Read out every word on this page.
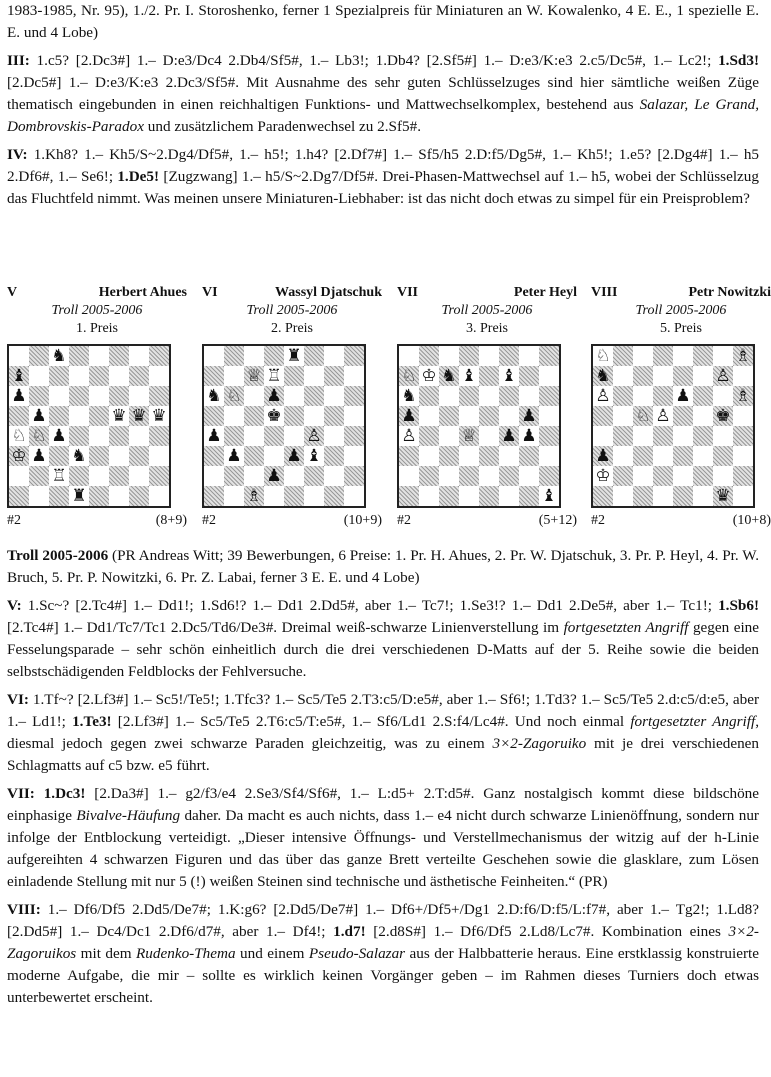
1983-1985, Nr. 95), 1./2. Pr. I. Storoshenko, ferner 1 Spezialpreis für Miniaturen an W. Kowalenko, 4 E. E., 1 spezielle E. E. und 4 Lobe)

III: 1.c5? [2.Dc3#] 1.– D:e3/Dc4 2.Db4/Sf5#, 1.– Lb3!; 1.Db4? [2.Sf5#] 1.– D:e3/K:e3 2.c5/Dc5#, 1.– Lc2!; 1.Sd3! [2.Dc5#] 1.– D:e3/K:e3 2.Dc3/Sf5#. Mit Ausnahme des sehr guten Schlüsselzuges sind hier sämtliche weißen Züge thematisch eingebunden in einen reichhaltigen Funktions- und Mattwechselkomplex, bestehend aus Salazar, Le Grand, Dombrovskis-Paradox und zusätzlichem Paradenwechsel zu 2.Sf5#.

IV: 1.Kh8? 1.– Kh5/S~2.Dg4/Df5#, 1.– h5!; 1.h4? [2.Df7#] 1.– Sf5/h5 2.D:f5/Dg5#, 1.– Kh5!; 1.e5? [2.Dg4#] 1.– h5 2.Df6#, 1.– Se6!; 1.De5! [Zugzwang] 1.– h5/S~2.Dg7/Df5#. Drei-Phasen-Mattwechsel auf 1.– h5, wobei der Schlüsselzug das Fluchtfeld nimmt. Was meinen unsere Miniaturen-Liebhaber: ist das nicht doch etwas zu simpel für ein Preisproblem?

V	Herbert Ahues
Troll 2005-2006
1. Preis
♞
♝
♟
♟	♛ ♛ ♛
♘ ♘ ♟
♔ ♟ ♞
♖
♜
#2	(8+9)
VI	Wassyl Djatschuk
Troll 2005-2006
2. Preis
♜
♕ ♖
♞ ♘ ♟
♚
♟	♙
♟	♟ ♝
♟
♗
#2	(10+9)
VII	Peter Heyl
Troll 2005-2006
3. Preis
♘ ♔ ♞ ♝ ♝
♞
♟	♟
♙	♕ ♟ ♟
♝
#2	(5+12)
VIII	Petr Nowitzki
Troll 2005-2006
5. Preis
♘	♗
♞	♙
♙	♟	♗
♘ ♙	♚
♟
♔
♛
#2	(10+8)

Troll 2005-2006 (PR Andreas Witt; 39 Bewerbungen, 6 Preise: 1. Pr. H. Ahues, 2. Pr. W. Djatschuk, 3. Pr. P. Heyl, 4. Pr. W. Bruch, 5. Pr. P. Nowitzki, 6. Pr. Z. Labai, ferner 3 E. E. und 4 Lobe)

V: 1.Sc~? [2.Tc4#] 1.– Dd1!; 1.Sd6!? 1.– Dd1 2.Dd5#, aber 1.– Tc7!; 1.Se3!? 1.– Dd1 2.De5#, aber 1.– Tc1!; 1.Sb6! [2.Tc4#] 1.– Dd1/Tc7/Tc1 2.Dc5/Td6/De3#. Dreimal weiß-schwarze Linienverstellung im fortgesetzten Angriff gegen eine Fesselungsparade – sehr schön einheitlich durch die drei verschiedenen D-Matts auf der 5. Reihe sowie die beiden selbstschädigenden Feldblocks der Fehlversuche.

VI: 1.Tf~? [2.Lf3#] 1.– Sc5!/Te5!; 1.Tfc3? 1.– Sc5/Te5 2.T3:c5/D:e5#, aber 1.– Sf6!; 1.Td3? 1.– Sc5/Te5 2.d:c5/d:e5, aber 1.– Ld1!; 1.Te3! [2.Lf3#] 1.– Sc5/Te5 2.T6:c5/T:e5#, 1.– Sf6/Ld1 2.S:f4/Lc4#. Und noch einmal fortgesetzter Angriff, diesmal jedoch gegen zwei schwarze Paraden gleichzeitig, was zu einem 3×2-Zagoruiko mit je drei verschiedenen Schlagmatts auf c5 bzw. e5 führt.

VII: 1.Dc3! [2.Da3#] 1.– g2/f3/e4 2.Se3/Sf4/Sf6#, 1.– L:d5+ 2.T:d5#. Ganz nostalgisch kommt diese bildschöne einphasige Bivalve-Häufung daher. Da macht es auch nichts, dass 1.– e4 nicht durch schwarze Linienöffnung, sondern nur infolge der Entblockung verteidigt. „Dieser intensive Öffnungs- und Verstellmechanismus der witzig auf der h-Linie aufgereihten 4 schwarzen Figuren und das über das ganze Brett verteilte Geschehen sowie die glasklare, zum Lösen einladende Stellung mit nur 5 (!) weißen Steinen sind technische und ästhetische Feinheiten.“ (PR)

VIII: 1.– Df6/Df5 2.Dd5/De7#; 1.K:g6? [2.Dd5/De7#] 1.– Df6+/Df5+/Dg1 2.D:f6/D:f5/L:f7#, aber 1.– Tg2!; 1.Ld8? [2.Dd5#] 1.– Dc4/Dc1 2.Df6/d7#, aber 1.– Df4!; 1.d7! [2.d8S#] 1.– Df6/Df5 2.Ld8/Lc7#. Kombination eines 3×2-Zagoruikos mit dem Rudenko-Thema und einem Pseudo-Salazar aus der Halbbatterie heraus. Eine erstklassig konstruierte moderne Aufgabe, die mir – sollte es wirklich keinen Vorgänger geben – im Rahmen dieses Turniers doch etwas unterbewertet erscheint.
